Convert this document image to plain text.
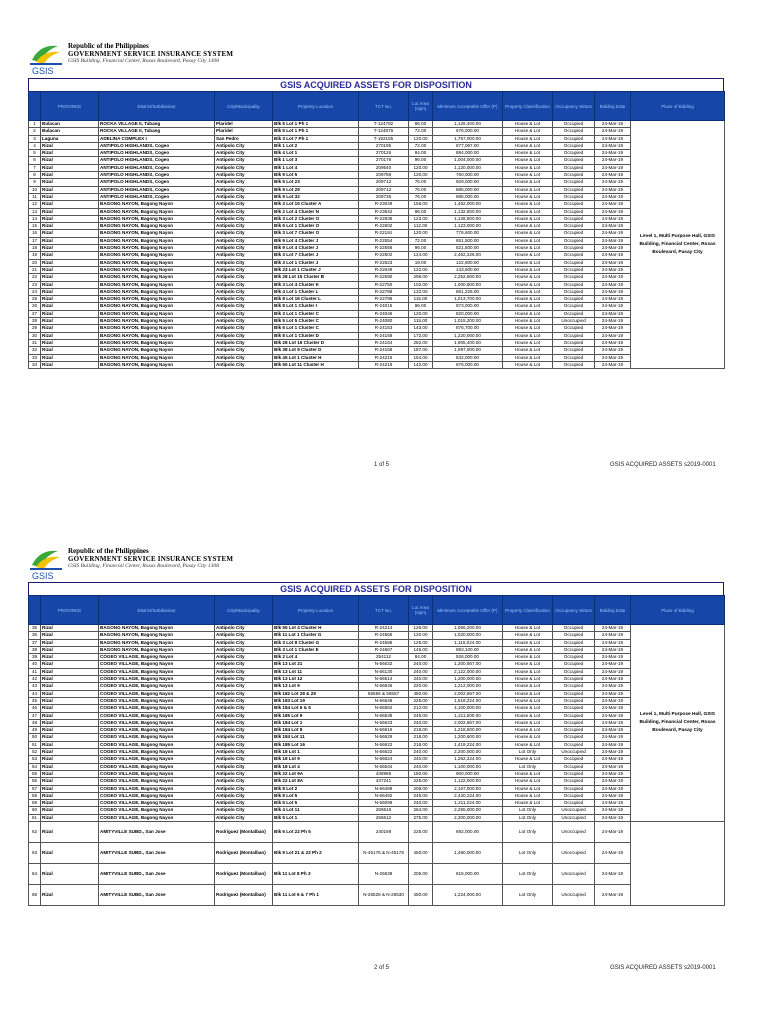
GSIS
Republic of the Philippines
GOVERNMENT SERVICE INSURANCE SYSTEM
GSIS Building, Financial Center, Roxas Boulevard, Pasay City 1308
GSIS ACQUIRED ASSETS FOR DISPOSITION
	PROVINCE	District/Subdivision	City/Municipality	Property Location	TCT No.	Lot Area (sqm)	Minimum Acceptable Offer (P)	Property Classification	Occupancy Status	Bidding Date	Place of Bidding
1	Bulacan	ROCKA VILLAGE II, Tabang	Plaridel	Blk 5 Lot 1 Ph 1	T-124782	96.00	1,126,400.00	House & Lot	Occupied	24-Mar-19	Level 1, Multi Purpose Hall, GSIS Building, Financial Center, Roxas Boulevard, Pasay City
2	Bulacan	ROCKA VILLAGE II, Tabang	Plaridel	Blk 5 Lot 1 Ph 1	T-124876	72.00	576,000.00	House & Lot	Occupied	24-Mar-19	
3	Laguna	ADELINA COMPLEX I	San Pedro	Blk 3 Lot 7 Ph 1	T-192155	120.00	1,767,000.00	House & Lot	Occupied	24-Mar-19	
4	Rizal	ANTIPOLO HIGHLANDS, Cogeo	Antipolo City	Blk 1 Lot 2	270195	72.00	877,067.00	House & Lot	Occupied	24-Mar-19	
5	Rizal	ANTIPOLO HIGHLANDS, Cogeo	Antipolo City	Blk 4 Lot 1	270126	84.00	884,000.00	House & Lot	Occupied	24-Mar-19	
6	Rizal	ANTIPOLO HIGHLANDS, Cogeo	Antipolo City	Blk 1 Lot 3	270176	96.00	1,004,000.00	House & Lot	Occupied	24-Mar-19	
7	Rizal	ANTIPOLO HIGHLANDS, Cogeo	Antipolo City	Blk 1 Lot 4	209540	120.00	1,120,000.00	House & Lot	Occupied	24-Mar-19	
8	Rizal	ANTIPOLO HIGHLANDS, Cogeo	Antipolo City	Blk 9 Lot 5	209759	120.00	760,000.00	House & Lot	Occupied	24-Mar-19	
9	Rizal	ANTIPOLO HIGHLANDS, Cogeo	Antipolo City	Blk 5 Lot 23	209712	76.00	929,000.00	House & Lot	Occupied	24-Mar-19	
10	Rizal	ANTIPOLO HIGHLANDS, Cogeo	Antipolo City	Blk 9 Lot 29	209712	76.00	885,000.00	House & Lot	Occupied	24-Mar-19	
11	Rizal	ANTIPOLO HIGHLANDS, Cogeo	Antipolo City	Blk 9 Lot 32	209736	76.00	885,000.00	House & Lot	Occupied	24-Mar-19	
12	Rizal	BAGONG NAYON, Bagong Nayon	Antipolo City	Blk 3 Lot 15 Cluster A	R-23028	156.00	1,462,000.00	House & Lot	Occupied	24-Mar-19	
13	Rizal	BAGONG NAYON, Bagong Nayon	Antipolo City	Blk 2 Lot 4 Cluster N	R-23642	96.00	1,132,600.00	House & Lot	Occupied	24-Mar-19	
14	Rizal	BAGONG NAYON, Bagong Nayon	Antipolo City	Blk 3 Lot 2 Cluster O	R-22836	123.00	1,128,500.00	House & Lot	Occupied	24-Mar-19	
15	Rizal	BAGONG NAYON, Bagong Nayon	Antipolo City	Blk 6 Lot 1 Cluster O	R-22602	112.00	1,123,000.00	House & Lot	Occupied	24-Mar-19	
16	Rizal	BAGONG NAYON, Bagong Nayon	Antipolo City	Blk 3 Lot 7 Cluster O	R-22191	120.00	776,600.00	House & Lot	Occupied	24-Mar-19	
17	Rizal	BAGONG NAYON, Bagong Nayon	Antipolo City	Blk 9 Lot 4 Cluster J	R-22554	72.00	651,500.00	House & Lot	Occupied	24-Mar-19	
18	Rizal	BAGONG NAYON, Bagong Nayon	Antipolo City	Blk 9 Lot 4 Cluster J	R-22556	96.00	821,500.00	House & Lot	Occupied	24-Mar-19	
19	Rizal	BAGONG NAYON, Bagong Nayon	Antipolo City	Blk 3 Lot 7 Cluster J	R-22502	124.00	2,462,226.00	House & Lot	Occupied	24-Mar-19	
20	Rizal	BAGONG NAYON, Bagong Nayon	Antipolo City	Blk 3 Lot 1 Cluster J	R-22623	19.00	122,600.00	House & Lot	Occupied	24-Mar-19	
21	Rizal	BAGONG NAYON, Bagong Nayon	Antipolo City	Blk 23 Lot 1 Cluster J	R-22649	122.00	143,600.00	House & Lot	Occupied	24-Mar-19	
22	Rizal	BAGONG NAYON, Bagong Nayon	Antipolo City	Blk 28 Lot 15 Cluster B	R-22690	298.00	2,252,500.00	House & Lot	Occupied	24-Mar-19	
23	Rizal	BAGONG NAYON, Bagong Nayon	Antipolo City	Blk 3 Lot 4 Cluster K	R-22750	102.00	1,000,600.00	House & Lot	Occupied	24-Mar-19	
24	Rizal	BAGONG NAYON, Bagong Nayon	Antipolo City	Blk 4 Lot 1 Cluster L	R-22788	132.00	861,226.00	House & Lot	Occupied	24-Mar-19	
25	Rizal	BAGONG NAYON, Bagong Nayon	Antipolo City	Blk 8 Lot 16 Cluster L	R-22796	115.00	1,013,700.00	House & Lot	Occupied	24-Mar-19	
26	Rizal	BAGONG NAYON, Bagong Nayon	Antipolo City	Blk 8 Lot 1 Cluster I	R-24015	96.00	873,000.00	House & Lot	Occupied	24-Mar-19	
27	Rizal	BAGONG NAYON, Bagong Nayon	Antipolo City	Blk 3 Lot 1 Cluster C	R-24046	120.00	820,000.00	House & Lot	Occupied	24-Mar-19	
28	Rizal	BAGONG NAYON, Bagong Nayon	Antipolo City	Blk 5 Lot 5 Cluster C	R-24080	115.00	1,015,200.00	House & Lot	Unoccupied	24-Mar-19	
29	Rizal	BAGONG NAYON, Bagong Nayon	Antipolo City	Blk 6 Lot 1 Cluster C	R-24153	143.00	876,700.00	House & Lot	Occupied	24-Mar-19	
30	Rizal	BAGONG NAYON, Bagong Nayon	Antipolo City	Blk 8 Lot 1 Cluster D	R-24158	172.00	1,220,000.00	House & Lot	Occupied	24-Mar-19	
31	Rizal	BAGONG NAYON, Bagong Nayon	Antipolo City	Blk 28 Lot 16 Cluster D	R-24164	282.00	1,905,400.00	House & Lot	Occupied	24-Mar-19	
32	Rizal	BAGONG NAYON, Bagong Nayon	Antipolo City	Blk 38 Lot 9 Cluster D	R-24158	187.00	1,097,000.00	House & Lot	Occupied	24-Mar-19	
33	Rizal	BAGONG NAYON, Bagong Nayon	Antipolo City	Blk 45 Lot 1 Cluster H	R-24215	154.00	842,000.00	House & Lot	Occupied	24-Mar-19	
34	Rizal	BAGONG NAYON, Bagong Nayon	Antipolo City	Blk 55 Lot 11 Cluster H	R-24218	142.00	876,000.00	House & Lot	Occupied	24-Mar-19	
1 of 5	GSIS ACQUIRED ASSETS s2019-0001
GSIS
Republic of the Philippines
GOVERNMENT SERVICE INSURANCE SYSTEM
GSIS Building, Financial Center, Roxas Boulevard, Pasay City 1308
GSIS ACQUIRED ASSETS FOR DISPOSITION
	PROVINCE	District/Subdivision	City/Municipality	Property Location	TCT No.	Lot Area (sqm)	Minimum Acceptable Offer (P)	Property Classification	Occupancy Status	Bidding Date	Place of Bidding
35	Rizal	BAGONG NAYON, Bagong Nayon	Antipolo City	Blk 55 Lot 4 Cluster H	R-24214	126.00	1,066,200.00	House & Lot	Occupied	24-Mar-19	Level 1, Multi Purpose Hall, GSIS Building, Financial Center, Roxas Boulevard, Pasay City
36	Rizal	BAGONG NAYON, Bagong Nayon	Antipolo City	Blk 11 Lot 1 Cluster G	R-24565	120.00	1,020,000.00	House & Lot	Occupied	24-Mar-19	
37	Rizal	BAGONG NAYON, Bagong Nayon	Antipolo City	Blk 3 Lot 8 Cluster G	R-24586	125.00	1,115,024.00	House & Lot	Occupied	24-Mar-19	
38	Rizal	BAGONG NAYON, Bagong Nayon	Antipolo City	Blk 3 Lot 1 Cluster E	R-24667	145.00	883,100.00	House & Lot	Occupied	24-Mar-19	
39	Rizal	COGEO VILLAGE, Bagong Nayon	Antipolo City	Blk 2 Lot 4	254112	84.00	526,000.00	House & Lot	Occupied	24-Mar-19	
40	Rizal	COGEO VILLAGE, Bagong Nayon	Antipolo City	Blk 13 Lot 21	N-56632	240.00	1,200,667.00	House & Lot	Occupied	24-Mar-19	
41	Rizal	COGEO VILLAGE, Bagong Nayon	Antipolo City	Blk 13 Lot 11	N-56130	240.00	2,122,000.00	House & Lot	Occupied	24-Mar-19	
42	Rizal	COGEO VILLAGE, Bagong Nayon	Antipolo City	Blk 13 Lot 12	N-56514	240.00	1,200,000.00	House & Lot	Occupied	24-Mar-19	
43	Rizal	COGEO VILLAGE, Bagong Nayon	Antipolo City	Blk 13 Lot 9	N-56546	220.00	1,212,000.00	House & Lot	Occupied	24-Mar-19	
44	Rizal	COGEO VILLAGE, Bagong Nayon	Antipolo City	Blk 182 Lot 28 & 29	56556 & 56557	480.00	2,002,667.00	House & Lot	Occupied	24-Mar-19	
45	Rizal	COGEO VILLAGE, Bagong Nayon	Antipolo City	Blk 183 Lot 19	N-56548	225.00	1,518,224.00	House & Lot	Occupied	24-Mar-19	
46	Rizal	COGEO VILLAGE, Bagong Nayon	Antipolo City	Blk 184 Lot 6 & 5	N-56562	212.00	4,100,000.00	House & Lot	Occupied	24-Mar-19	
47	Rizal	COGEO VILLAGE, Bagong Nayon	Antipolo City	Blk 185 Lot 9	N-56538	245.00	1,211,500.00	House & Lot	Occupied	24-Mar-19	
48	Rizal	COGEO VILLAGE, Bagong Nayon	Antipolo City	Blk 184 Lot 1	N-56643	240.00	2,002,667.00	House & Lot	Occupied	24-Mar-19	
49	Rizal	COGEO VILLAGE, Bagong Nayon	Antipolo City	Blk 184 Lot 8	N-56616	218.00	1,218,500.00	House & Lot	Occupied	24-Mar-19	
50	Rizal	COGEO VILLAGE, Bagong Nayon	Antipolo City	Blk 184 Lot 11	N-56629	218.00	1,200,600.00	House & Lot	Occupied	24-Mar-19	
51	Rizal	COGEO VILLAGE, Bagong Nayon	Antipolo City	Blk 185 Lot 16	N-56622	218.00	1,419,224.00	House & Lot	Occupied	24-Mar-19	
52	Rizal	COGEO VILLAGE, Bagong Nayon	Antipolo City	Blk 18 Lot 1	N-56622	240.00	2,200,000.00	Lot Only	Unoccupied	24-Mar-19	
53	Rizal	COGEO VILLAGE, Bagong Nayon	Antipolo City	Blk 18 Lot 9	N-56624	240.00	1,262,224.00	House & Lot	Occupied	24-Mar-19	
54	Rizal	COGEO VILLAGE, Bagong Nayon	Antipolo City	Blk 18 Lot 4	N-56544	240.00	1,100,000.00	Lot Only	Occupied	24-Mar-19	
55	Rizal	COGEO VILLAGE, Bagong Nayon	Antipolo City	Blk 22 Lot 9A	438966	180.00	900,000.00	House & Lot	Occupied	24-Mar-19	
56	Rizal	COGEO VILLAGE, Bagong Nayon	Antipolo City	Blk 22 Lot 8A	437241	225.00	1,122,000.00	House & Lot	Occupied	24-Mar-19	
57	Rizal	COGEO VILLAGE, Bagong Nayon	Antipolo City	Blk 8 Lot 2	N-56489	209.00	2,167,000.00	House & Lot	Occupied	24-Mar-19	
58	Rizal	COGEO VILLAGE, Bagong Nayon	Antipolo City	Blk 8 Lot 5	N-56492	245.00	2,420,224.00	House & Lot	Occupied	24-Mar-19	
59	Rizal	COGEO VILLAGE, Bagong Nayon	Antipolo City	Blk 5 Lot 5	N-56099	240.00	1,211,224.00	House & Lot	Occupied	24-Mar-19	
60	Rizal	COGEO VILLAGE, Bagong Nayon	Antipolo City	Blk 4 Lot 11	266516	264.00	2,265,000.00	Lot Only	Unoccupied	24-Mar-19	
61	Rizal	COGEO VILLAGE, Bagong Nayon	Antipolo City	Blk 5 Lot 1	266512	275.00	2,300,000.00	Lot Only	Unoccupied	24-Mar-19	
62	Rizal	AMITYVILLE SUBD., San Jose	Rodriguez (Montalban)	Blk 6 Lot 22 Ph 5	240169	225.00	692,000.00	Lot Only	Unoccupied	24-Mar-19	
63	Rizal	AMITYVILLE SUBD., San Jose	Rodriguez (Montalban)	Blk 9 Lot 21 & 22 Ph 2	N-45176 & N-45178	450.00	1,480,000.00	Lot Only	Unoccupied	24-Mar-19	
64	Rizal	AMITYVILLE SUBD., San Jose	Rodriguez (Montalban)	Blk 11 Lot 8 Ph 3	N-26638	205.00	615,000.00	Lot Only	Unoccupied	24-Mar-19	
65	Rizal	AMITYVILLE SUBD., San Jose	Rodriguez (Montalban)	Blk 11 Lot 6 & 7 Ph 1	N-26528 & N-26530	450.00	1,224,000.00	Lot Only	Unoccupied	24-Mar-19	
2 of 5	GSIS ACQUIRED ASSETS s2019-0001
